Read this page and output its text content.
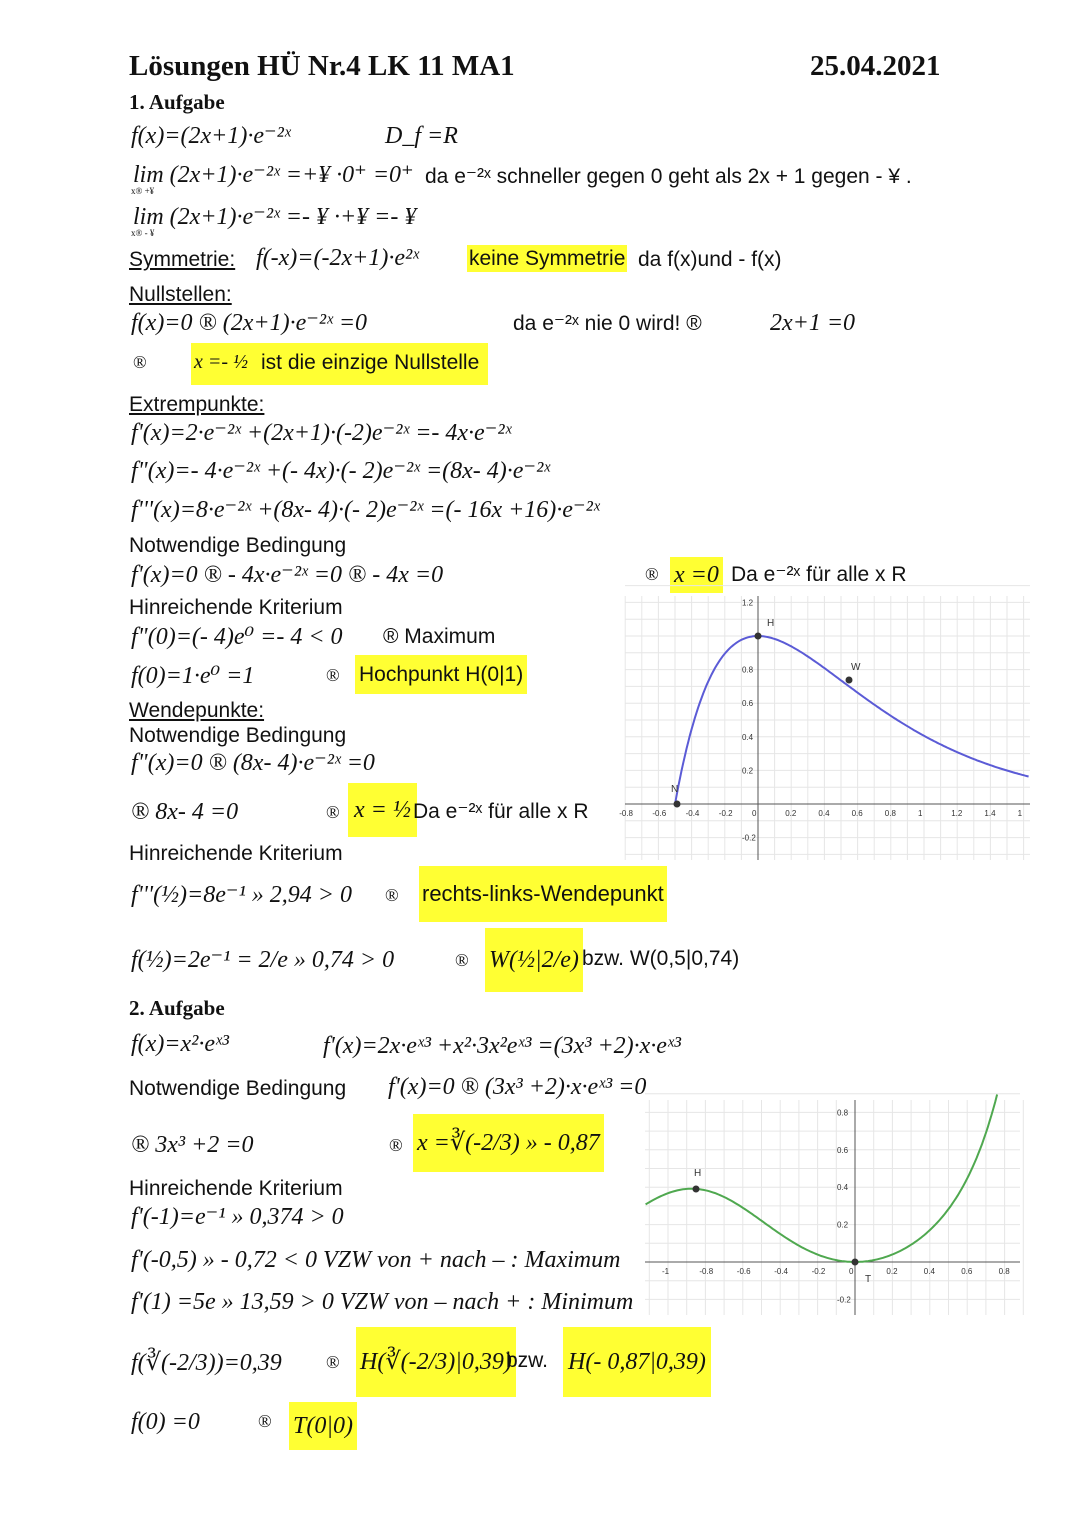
Lösungen HÜ Nr.4 LK 11 MA1	25.04.2021
1. Aufgabe
f(x)=(2x+1)·e⁻²ˣ	D_f =R
lim (2x+1)·e⁻²ˣ =+¥ ·0⁺ =0⁺
x® +¥
da e⁻²ˣ schneller gegen 0 geht als 2x + 1 gegen - ¥ .
lim (2x+1)·e⁻²ˣ =- ¥ ·+¥ =- ¥
x® - ¥
Symmetrie: f(-x)=(-2x+1)·e²ˣ keine Symmetrie da f(x)und - f(x)
Nullstellen:
f(x)=0 ® (2x+1)·e⁻²ˣ =0	da e⁻²ˣ nie 0 wird! ®	2x+1 =0
® x =- ½ ist die einzige Nullstelle
Extrempunkte:
f'(x)=2·e⁻²ˣ +(2x+1)·(-2)e⁻²ˣ =- 4x·e⁻²ˣ
f"(x)=- 4·e⁻²ˣ +(- 4x)·(- 2)e⁻²ˣ =(8x- 4)·e⁻²ˣ
f'''(x)=8·e⁻²ˣ +(8x- 4)·(- 2)e⁻²ˣ =(- 16x +16)·e⁻²ˣ
Notwendige Bedingung
f'(x)=0 ® - 4x·e⁻²ˣ =0 ® - 4x =0	® x =0 Da e⁻²ˣ für alle x R
Hinreichende Kriterium
f"(0)=(- 4)e⁰ =- 4 < 0 ® Maximum
f(0)=1·e⁰ =1	® Hochpunkt H(0|1)
Wendepunkte:
Notwendige Bedingung
f"(x)=0 ® (8x- 4)·e⁻²ˣ =0
® 8x- 4 =0	® x = ½ Da e⁻²ˣ für alle x R
Hinreichende Kriterium
f'''(½)=8e⁻¹ » 2,94 > 0 ® rechts-links-Wendepunkt
f(½)=2e⁻¹ = 2/e » 0,74 > 0	® W(½|2/e) bzw. W(0,5|0,74)
2. Aufgabe
f(x)=x²·eˣ³	f'(x)=2x·eˣ³ +x²·3x²eˣ³ =(3x³ +2)·x·eˣ³
Notwendige Bedingung f'(x)=0 ® (3x³ +2)·x·eˣ³ =0
® 3x³ +2 =0	® x =∛(-2/3) » - 0,87
Hinreichende Kriterium
f'(-1)=e⁻¹ » 0,374 > 0
f'(-0,5) » - 0,72 < 0 VZW von + nach – : Maximum
f'(1) =5e » 13,59 > 0 VZW von – nach + : Minimum
f(∛(-2/3))=0,39 ® H(∛(-2/3)|0,39)
bzw. H(- 0,87|0,39)
f(0) =0	® T(0|0)
-0.8 -0.6 -0.4 -0.2 0	0.2	0.4	0.6	0.8	1	1.2	1.4	1
1.2
0.8
0.6
0.4
0.2
-0.2
H
W
N
-1	-0.8	-0.6	-0.4	-0.2	0	0.2	0.4	0.6	0.8
0.8
0.6
0.4
0.2
-0.2
H
T
